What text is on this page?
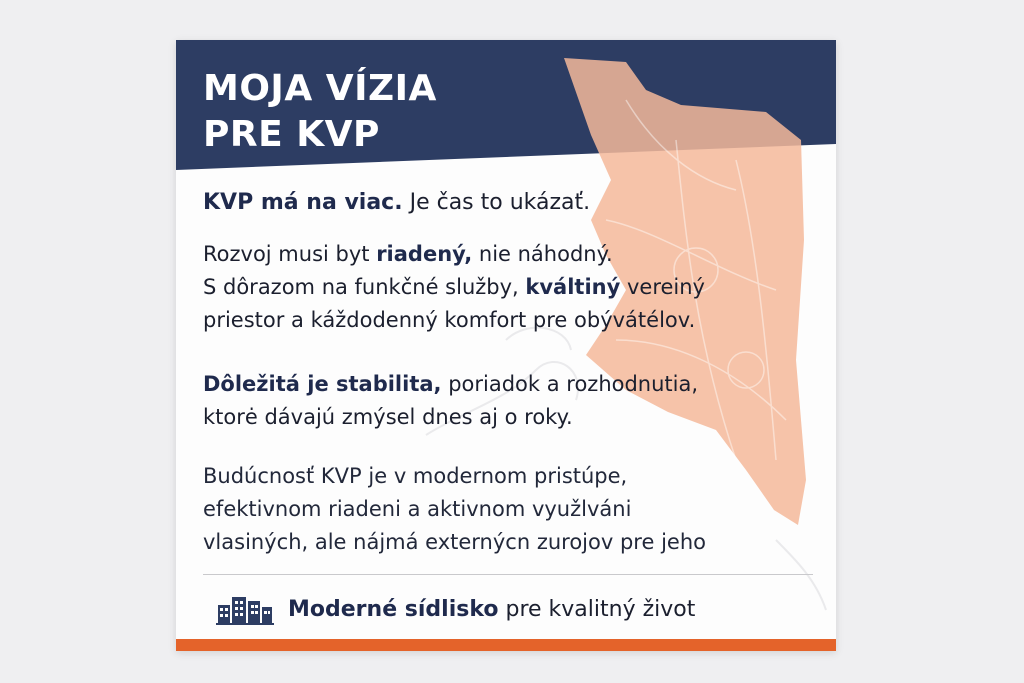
MOJA VÍZIA
PRE KVP

KVP má na viac. Je čas to ukázať.

Rozvoj musi byt riadený, nie náhodný.
S dôrazom na funkčné služby, kváltiný vereiný
priestor a káždodenný komfort pre obývátélov.
Dôležitá je stabilita, poriadok a rozhodnutia,
ktorė dávajú zmýsel dnes aj o roky.
Budúcnosť KVP je v modernom pristúpe,
efektivnom riadeni a aktivnom využlváni
vlasiných, ale nájmá externýcn zurojov pre jeho
Moderné sídlisko pre kvalitný život
